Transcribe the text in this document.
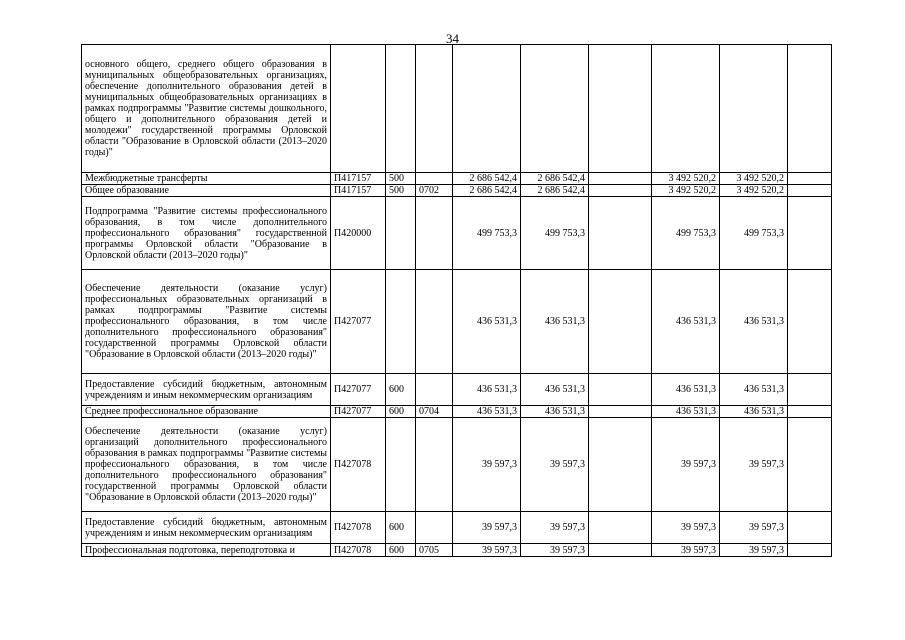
34
основного общего, среднего общего образования в муниципальных общеобразовательных организациях, обеспечение дополнительного образования детей в муниципальных общеобразовательных организациях в рамках подпрограммы "Развитие системы дошкольного, общего и дополнительного образования детей и молодежи" государственной программы Орловской области "Образование в Орловской области (2013–2020 годы)"									
Межбюджетные трансферты	П417157	500		2 686 542,4	2 686 542,4		3 492 520,2	3 492 520,2	
Общее образование	П417157	500	0702	2 686 542,4	2 686 542,4		3 492 520,2	3 492 520,2	
Подпрограмма "Развитие системы профессионального образования, в том числе дополнительного профессионального образования" государственной программы Орловской области "Образование в Орловской области (2013–2020 годы)"	П420000			499 753,3	499 753,3		499 753,3	499 753,3	
Обеспечение деятельности (оказание услуг) профессиональных образовательных организаций в рамках подпрограммы "Развитие системы профессионального образования, в том числе дополнительного профессионального образования" государственной программы Орловской области "Образование в Орловской области (2013–2020 годы)"	П427077			436 531,3	436 531,3		436 531,3	436 531,3	
Предоставление субсидий бюджетным, автономным учреждениям и иным некоммерческим организациям	П427077	600		436 531,3	436 531,3		436 531,3	436 531,3	
Среднее профессиональное образование	П427077	600	0704	436 531,3	436 531,3		436 531,3	436 531,3	
Обеспечение деятельности (оказание услуг) организаций дополнительного профессионального образования в рамках подпрограммы "Развитие системы профессионального образования, в том числе дополнительного профессионального образования" государственной программы Орловской области "Образование в Орловской области (2013–2020 годы)"	П427078			39 597,3	39 597,3		39 597,3	39 597,3	
Предоставление субсидий бюджетным, автономным учреждениям и иным некоммерческим организациям	П427078	600		39 597,3	39 597,3		39 597,3	39 597,3	
Профессиональная подготовка, переподготовка и	П427078	600	0705	39 597,3	39 597,3		39 597,3	39 597,3	
